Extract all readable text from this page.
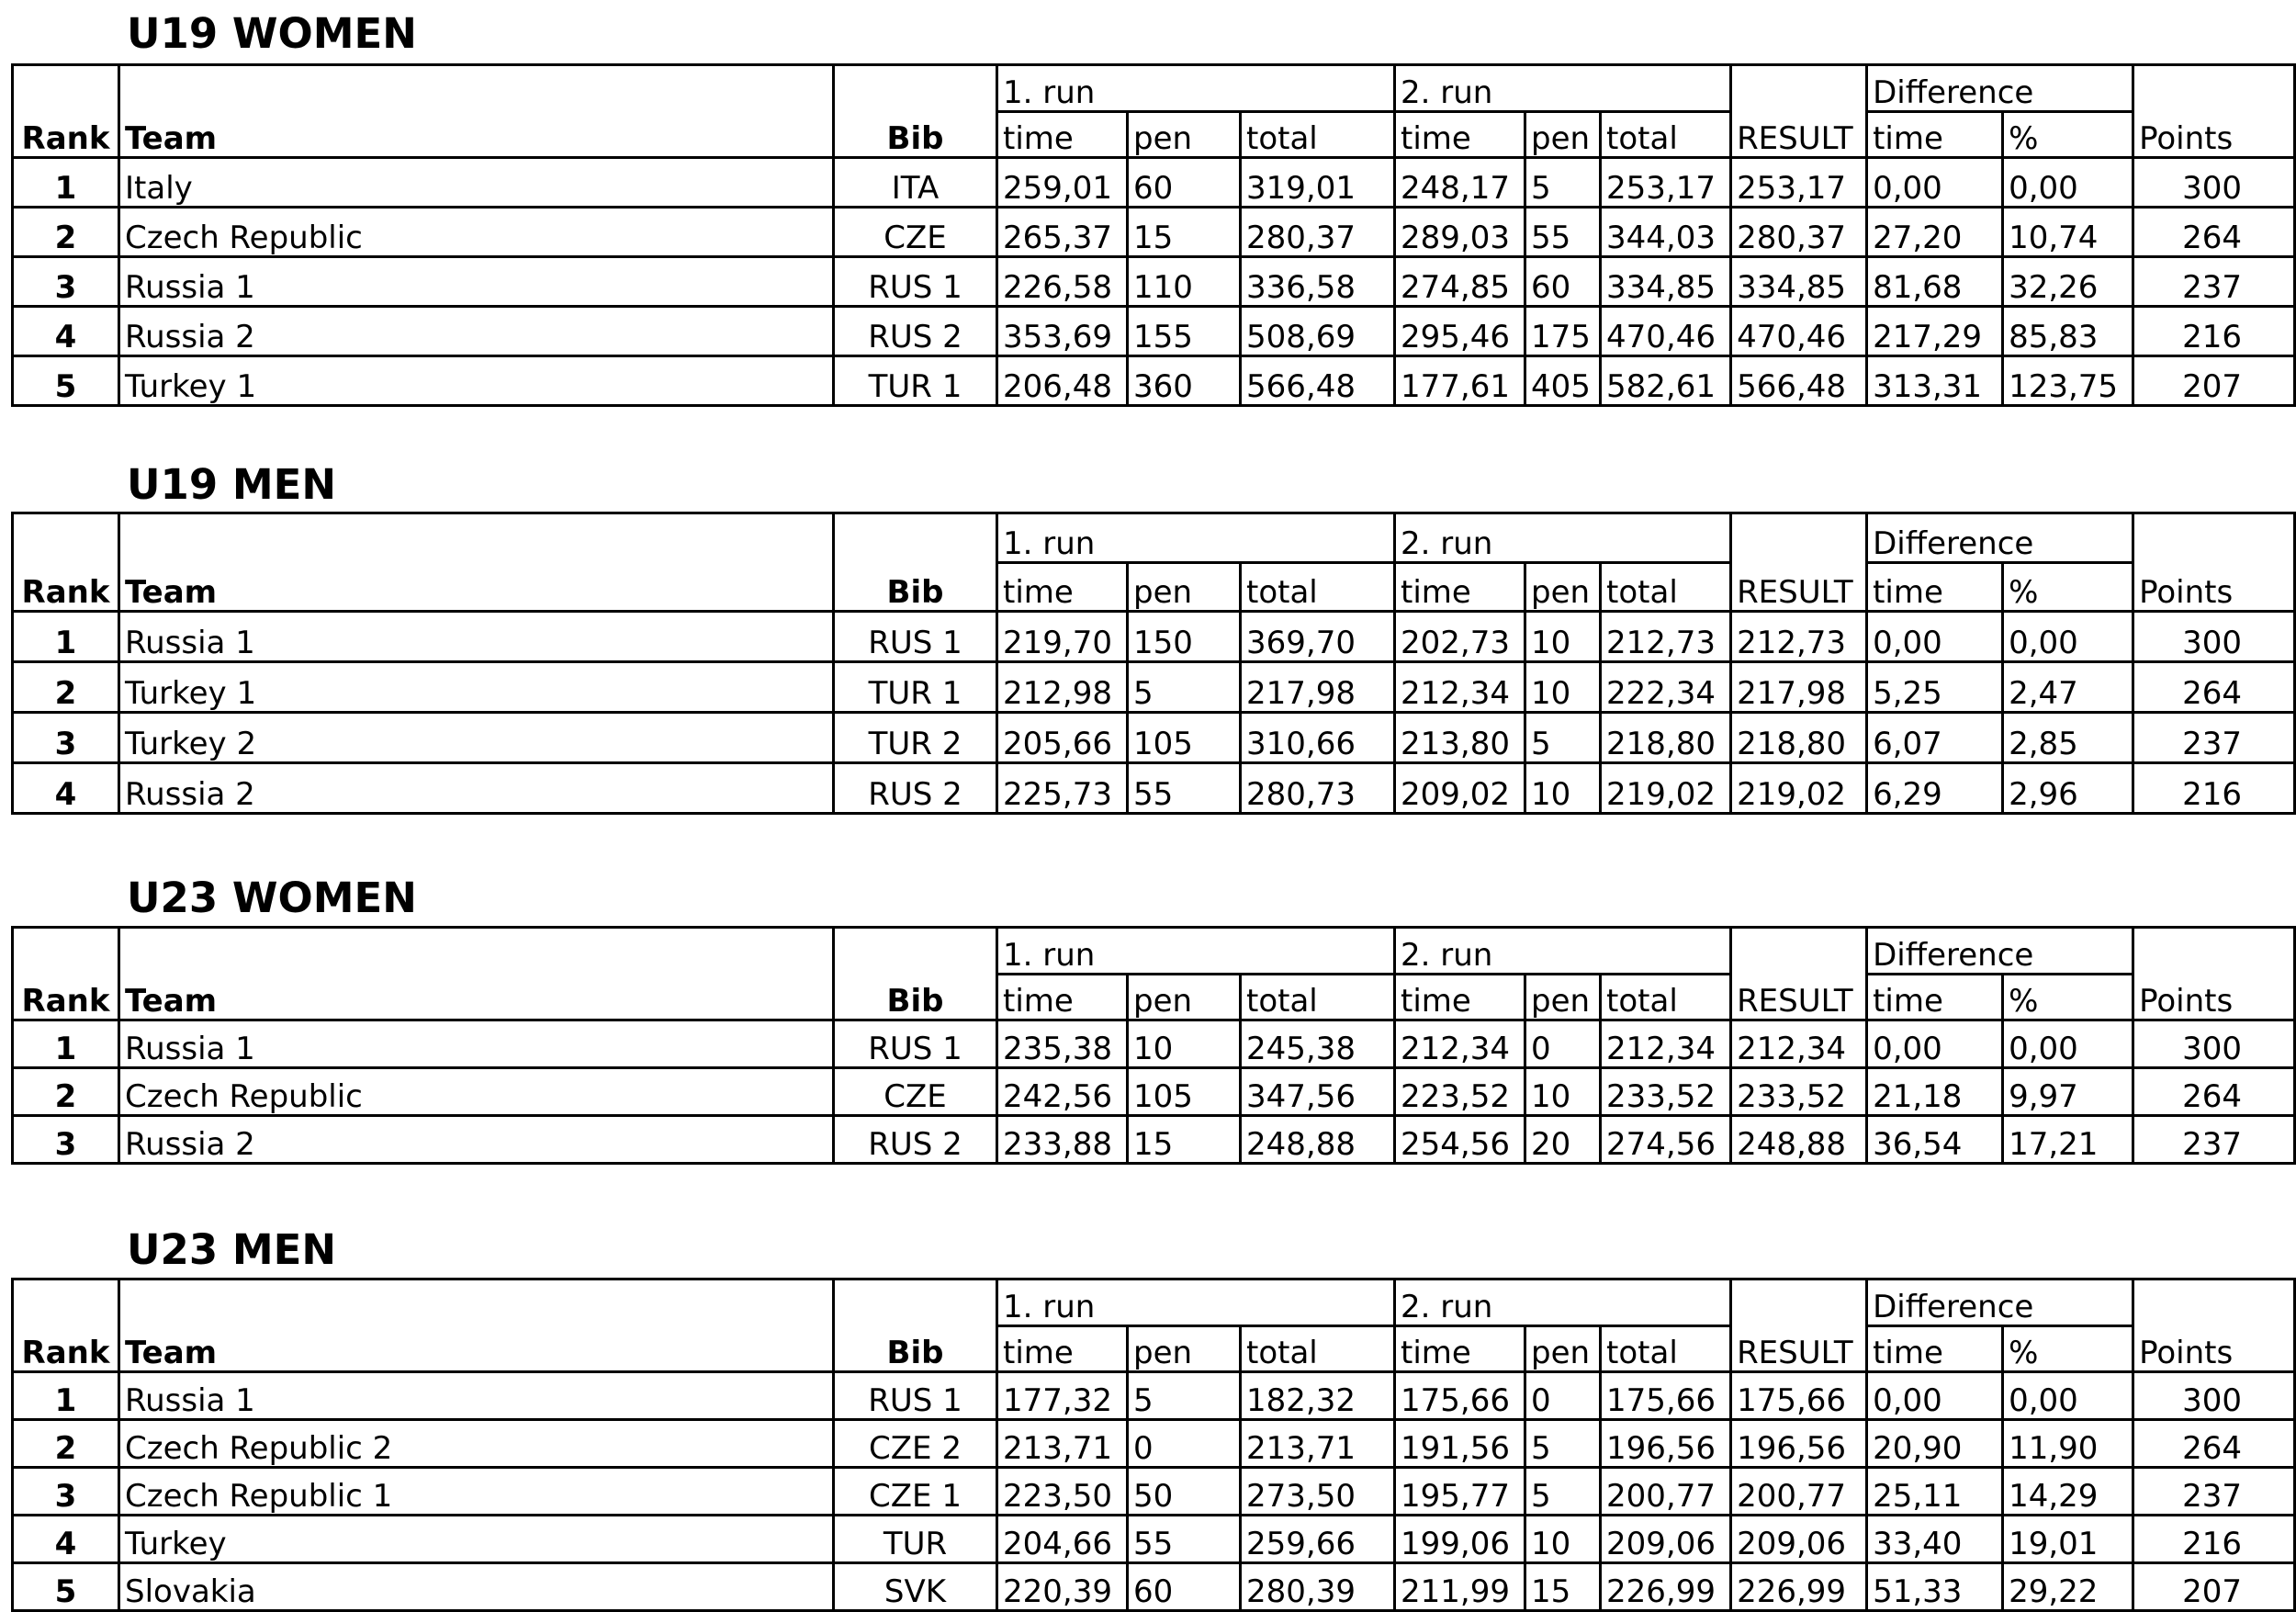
U19 WOMEN
			1. run			2. run				Difference		
Rank	Team	Bib	time	pen	total	time	pen	total	RESULT	time	%	Points
1	Italy	ITA	259,01	60	319,01	248,17	5	253,17	253,17	0,00	0,00	300
2	Czech Republic	CZE	265,37	15	280,37	289,03	55	344,03	280,37	27,20	10,74	264
3	Russia 1	RUS 1	226,58	110	336,58	274,85	60	334,85	334,85	81,68	32,26	237
4	Russia 2	RUS 2	353,69	155	508,69	295,46	175	470,46	470,46	217,29	85,83	216
5	Turkey 1	TUR 1	206,48	360	566,48	177,61	405	582,61	566,48	313,31	123,75	207
U19 MEN
			1. run			2. run				Difference		
Rank	Team	Bib	time	pen	total	time	pen	total	RESULT	time	%	Points
1	Russia 1	RUS 1	219,70	150	369,70	202,73	10	212,73	212,73	0,00	0,00	300
2	Turkey 1	TUR 1	212,98	5	217,98	212,34	10	222,34	217,98	5,25	2,47	264
3	Turkey 2	TUR 2	205,66	105	310,66	213,80	5	218,80	218,80	6,07	2,85	237
4	Russia 2	RUS 2	225,73	55	280,73	209,02	10	219,02	219,02	6,29	2,96	216
U23 WOMEN
			1. run			2. run				Difference		
Rank	Team	Bib	time	pen	total	time	pen	total	RESULT	time	%	Points
1	Russia 1	RUS 1	235,38	10	245,38	212,34	0	212,34	212,34	0,00	0,00	300
2	Czech Republic	CZE	242,56	105	347,56	223,52	10	233,52	233,52	21,18	9,97	264
3	Russia 2	RUS 2	233,88	15	248,88	254,56	20	274,56	248,88	36,54	17,21	237
U23 MEN
			1. run			2. run				Difference		
Rank	Team	Bib	time	pen	total	time	pen	total	RESULT	time	%	Points
1	Russia 1	RUS 1	177,32	5	182,32	175,66	0	175,66	175,66	0,00	0,00	300
2	Czech Republic 2	CZE 2	213,71	0	213,71	191,56	5	196,56	196,56	20,90	11,90	264
3	Czech Republic 1	CZE 1	223,50	50	273,50	195,77	5	200,77	200,77	25,11	14,29	237
4	Turkey	TUR	204,66	55	259,66	199,06	10	209,06	209,06	33,40	19,01	216
5	Slovakia	SVK	220,39	60	280,39	211,99	15	226,99	226,99	51,33	29,22	207
